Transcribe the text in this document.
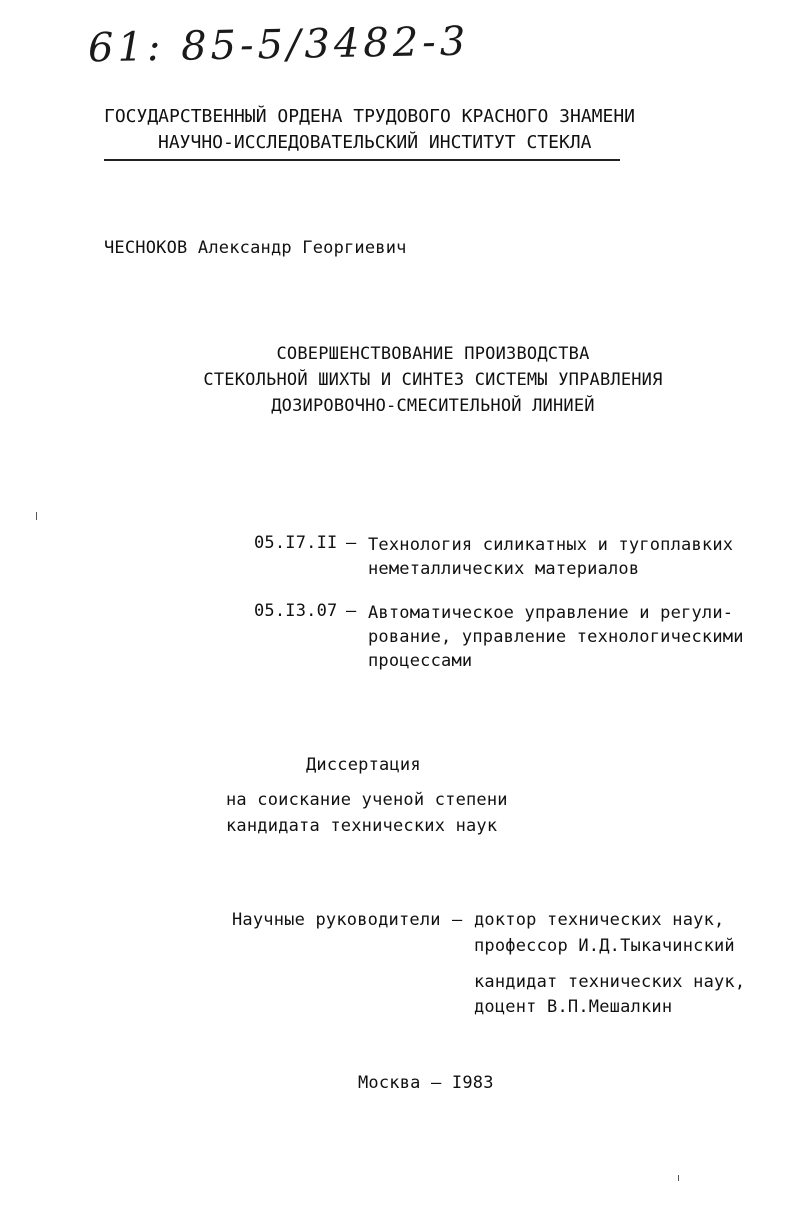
61: 85-5/3482-3
ГОСУДАРСТВЕННЫЙ ОРДЕНА ТРУДОВОГО КРАСНОГО ЗНАМЕНИ
НАУЧНО-ИССЛЕДОВАТЕЛЬСКИЙ ИНСТИТУТ СТЕКЛА
ЧЕСНОКОВ Александр Георгиевич
СОВЕРШЕНСТВОВАНИЕ ПРОИЗВОДСТВА
СТЕКОЛЬНОЙ ШИХТЫ И СИНТЕЗ СИСТЕМЫ УПРАВЛЕНИЯ
ДОЗИРОВОЧНО-СМЕСИТЕЛЬНОЙ ЛИНИЕЙ
05.I7.II – Технология силикатных и тугоплавких
неметаллических материалов
05.I3.07 – Автоматическое управление и регули-
рование, управление технологическими
процессами
Диссертация
на соискание ученой степени
кандидата технических наук
Научные руководители – доктор технических наук,
профессор И.Д.Тыкачинский
кандидат технических наук,
доцент В.П.Мешалкин
Москва – I983
